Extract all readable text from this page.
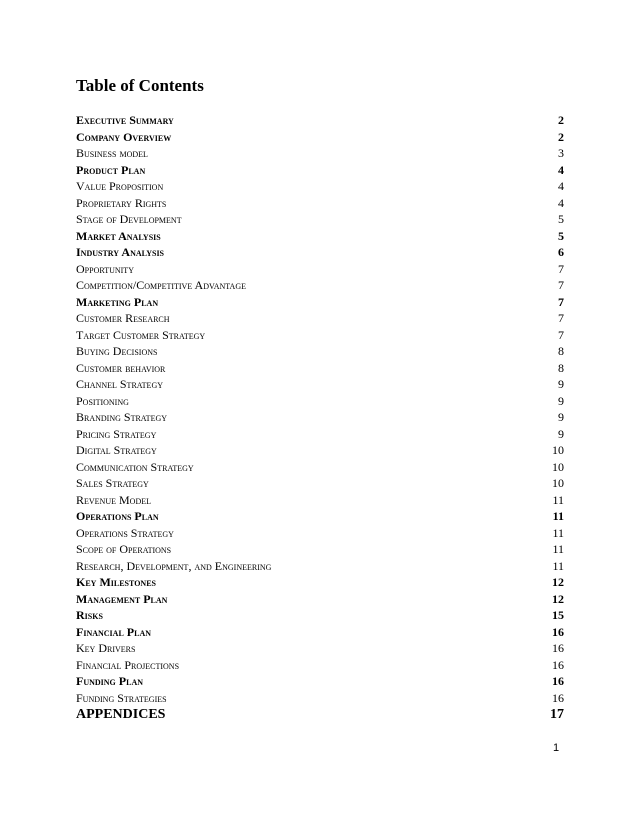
Table of Contents
Executive Summary	2
Company Overview	2
Business model	3
Product Plan	4
Value Proposition	4
Proprietary Rights	4
Stage of Development	5
Market Analysis	5
Industry Analysis	6
Opportunity	7
Competition/Competitive Advantage	7
Marketing Plan	7
Customer Research	7
Target Customer Strategy	7
Buying Decisions	8
Customer behavior	8
Channel Strategy	9
Positioning	9
Branding Strategy	9
Pricing Strategy	9
Digital Strategy	10
Communication Strategy	10
Sales Strategy	10
Revenue Model	11
Operations Plan	11
Operations Strategy	11
Scope of Operations	11
Research, Development, and Engineering	11
Key Milestones	12
Management Plan	12
Risks	15
Financial Plan	16
Key Drivers	16
Financial Projections	16
Funding Plan	16
Funding Strategies	16
APPENDICES	17
1
